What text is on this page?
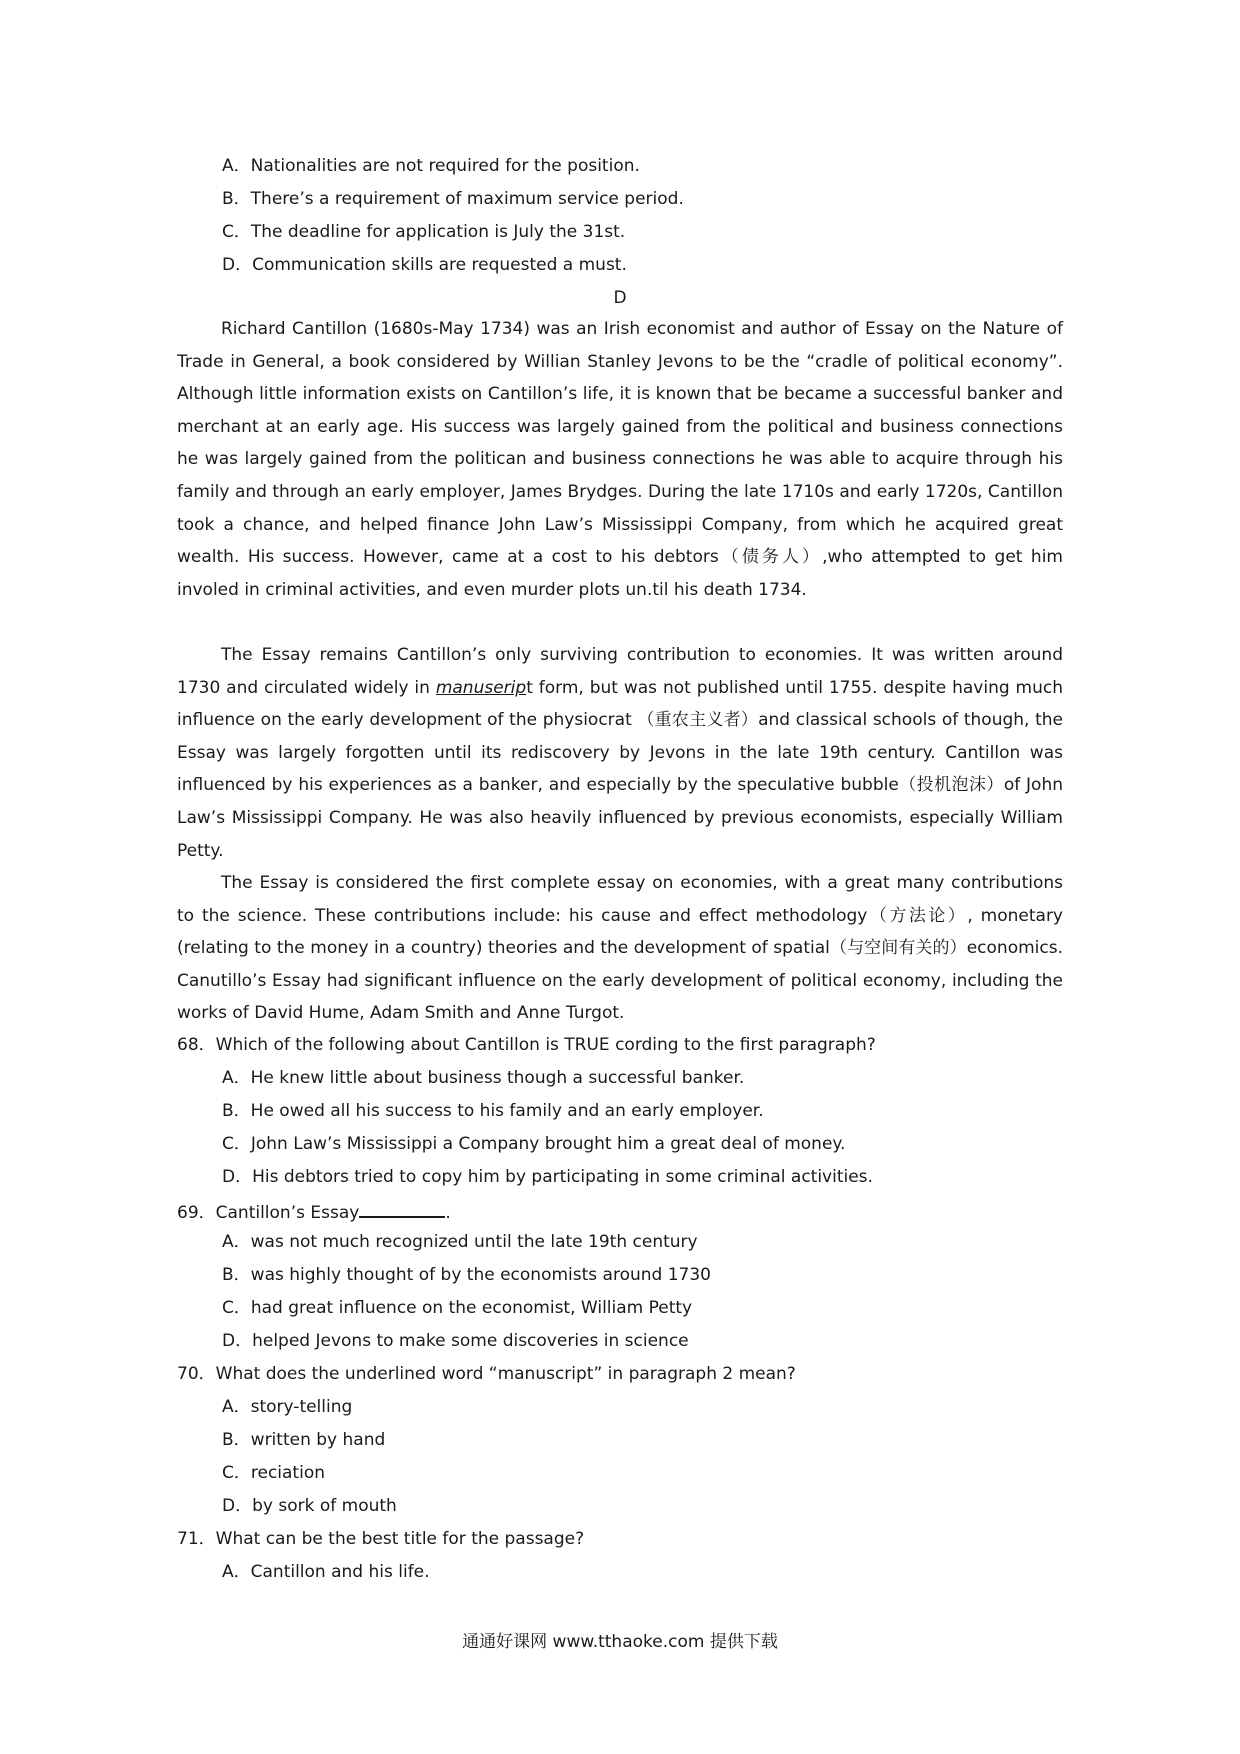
A．Nationalities are not required for the position.
B．There’s a requirement of maximum service period.
C．The deadline for application is July the 31st.
D．Communication skills are requested a must.
D
Richard Cantillon (1680s-May 1734) was an Irish economist and author of Essay on the Nature of Trade in General, a book considered by Willian Stanley Jevons to be the “cradle of political economy”. Although little information exists on Cantillon’s life, it is known that be became a successful banker and merchant at an early age. His success was largely gained from the political and business connections he was largely gained from the politican and business connections he was able to acquire through his family and through an early employer, James Brydges. During the late 1710s and early 1720s, Cantillon took a chance, and helped finance John Law’s Mississippi Company, from which he acquired great wealth. His success. However, came at a cost to his debtors（债务人）,who attempted to get him involed in criminal activities, and even murder plots un.til his death 1734.
The Essay remains Cantillon’s only surviving contribution to economies. It was written around 1730 and circulated widely in manuseript form, but was not published until 1755. despite having much influence on the early development of the physiocrat （重农主义者）and classical schools of though, the Essay was largely forgotten until its rediscovery by Jevons in the late 19th century. Cantillon was influenced by his experiences as a banker, and especially by the speculative bubble（投机泡沫）of John Law’s Mississippi Company. He was also heavily influenced by previous economists, especially William Petty.
The Essay is considered the first complete essay on economies, with a great many contributions to the science. These contributions include: his cause and effect methodology（方法论）, monetary (relating to the money in a country) theories and the development of spatial（与空间有关的）economics. Canutillo’s Essay had significant influence on the early development of political economy, including the works of David Hume, Adam Smith and Anne Turgot.
68．Which of the following about Cantillon is TRUE cording to the first paragraph?
A．He knew little about business though a successful banker.
B．He owed all his success to his family and an early employer.
C．John Law’s Mississippi a Company brought him a great deal of money.
D．His debtors tried to copy him by participating in some criminal activities.
69．Cantillon’s Essay	.
A．was not much recognized until the late 19th century
B．was highly thought of by the economists around 1730
C．had great influence on the economist, William Petty
D．helped Jevons to make some discoveries in science
70．What does the underlined word “manuscript” in paragraph 2 mean?
A．story-telling
B．written by hand
C．reciation
D．by sork of mouth
71．What can be the best title for the passage?
A．Cantillon and his life.
通通好课网 www.tthaoke.com 提供下载
